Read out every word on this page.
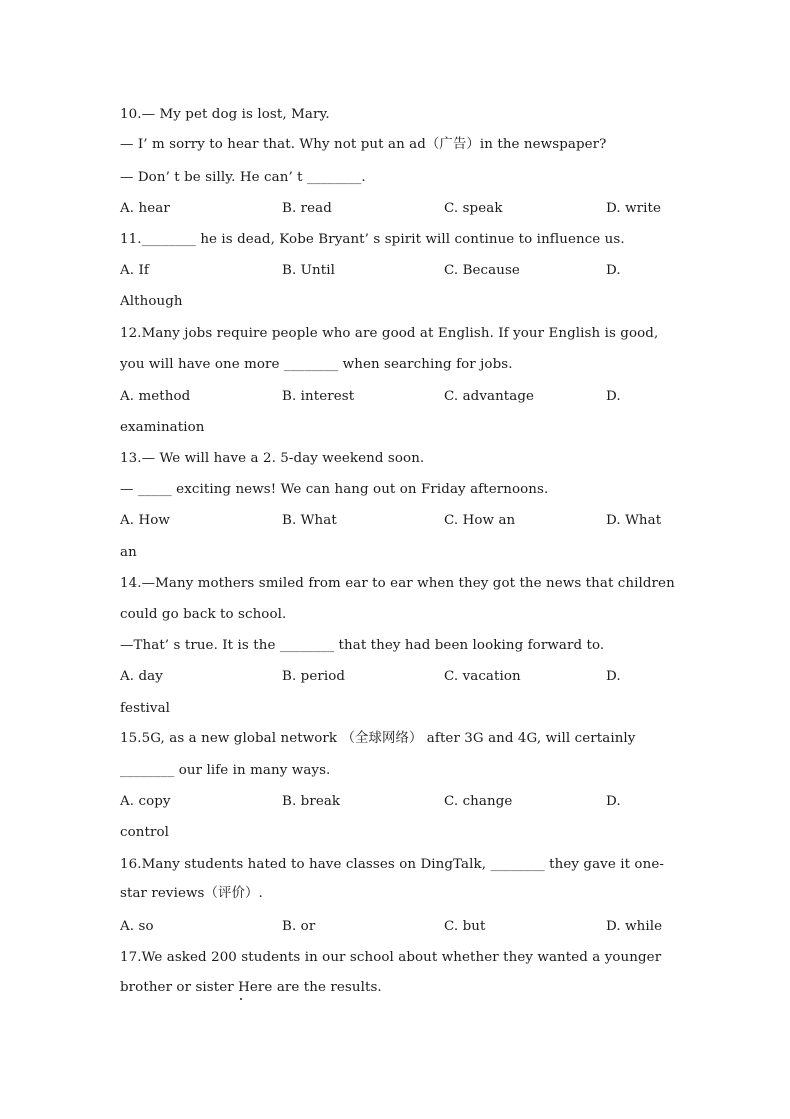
10.— My pet dog is lost, Mary.
— I’ m sorry to hear that. Why not put an ad（广告）in the newspaper?
— Don’ t be silly. He can’ t ________.
A. hear	B. read	C. speak	D. write
11.________ he is dead, Kobe Bryant’ s spirit will continue to influence us.
A. If	B. Until	C. Because	D.
Although
12.Many jobs require people who are good at English. If your English is good,
you will have one more ________ when searching for jobs.
A. method	B. interest	C. advantage	D.
examination
13.— We will have a 2. 5-day weekend soon.
— _____ exciting news! We can hang out on Friday afternoons.
A. How	B. What	C. How an	D. What
an
14.—Many mothers smiled from ear to ear when they got the news that children
could go back to school.
—That’ s true. It is the ________ that they had been looking forward to.
A. day	B. period	C. vacation	D.
festival
15.5G, as a new global network （全球网络） after 3G and 4G, will certainly
________ our life in many ways.
A. copy	B. break	C. change	D.
control
16.Many students hated to have classes on DingTalk, ________ they gave it one-
star reviews（评价）.
A. so	B. or	C. but	D. while
17.We asked 200 students in our school about whether they wanted a younger
brother or sister Here are the results.
